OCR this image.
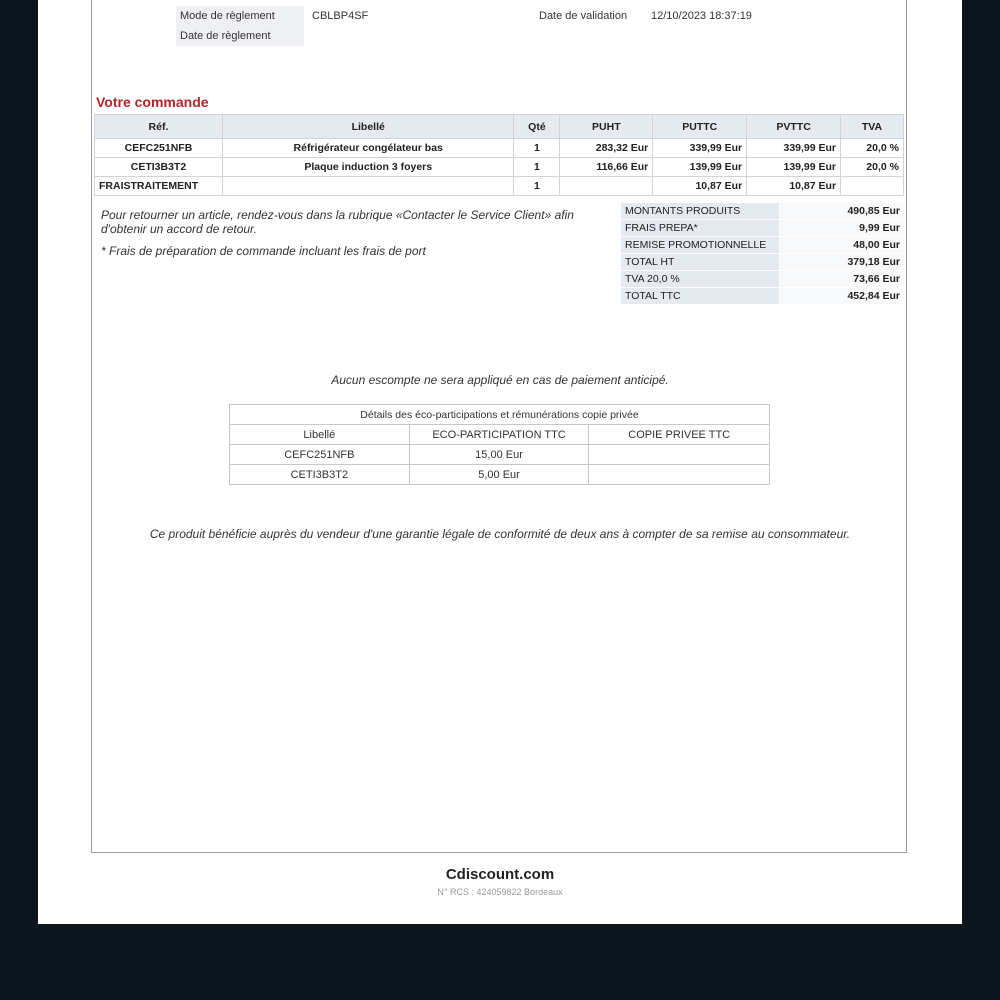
Mode de règlement	CBLBP4SF
Date de règlement
Date de validation	12/10/2023 18:37:19
Votre commande
Réf.	Libellé	Qté	PUHT	PUTTC	PVTTC	TVA
CEFC251NFB	Réfrigérateur congélateur bas	1	283,32 Eur	339,99 Eur	339,99 Eur	20,0 %
CETI3B3T2	Plaque induction 3 foyers	1	116,66 Eur	139,99 Eur	139,99 Eur	20,0 %
FRAISTRAITEMENT		1		10,87 Eur	10,87 Eur	

Pour retourner un article, rendez-vous dans la rubrique «Contacter le Service Client» afin d'obtenir un accord de retour.

* Frais de préparation de commande incluant les frais de port

MONTANTS PRODUITS	490,85 Eur
FRAIS PREPA*	9,99 Eur
REMISE PROMOTIONNELLE	48,00 Eur
TOTAL HT	379,18 Eur
TVA 20,0 %	73,66 Eur
TOTAL TTC	452,84 Eur
Aucun escompte ne sera appliqué en cas de paiement anticipé.
Détails des éco-participations et rémunérations copie privée		
Libellé	ECO-PARTICIPATION TTC	COPIE PRIVEE TTC
CEFC251NFB	15,00 Eur	
CETI3B3T2	5,00 Eur	
Ce produit bénéficie auprès du vendeur d'une garantie légale de conformité de deux ans à compter de sa remise au consommateur.
Cdiscount.com
N° RCS : 424059822 Bordeaux
